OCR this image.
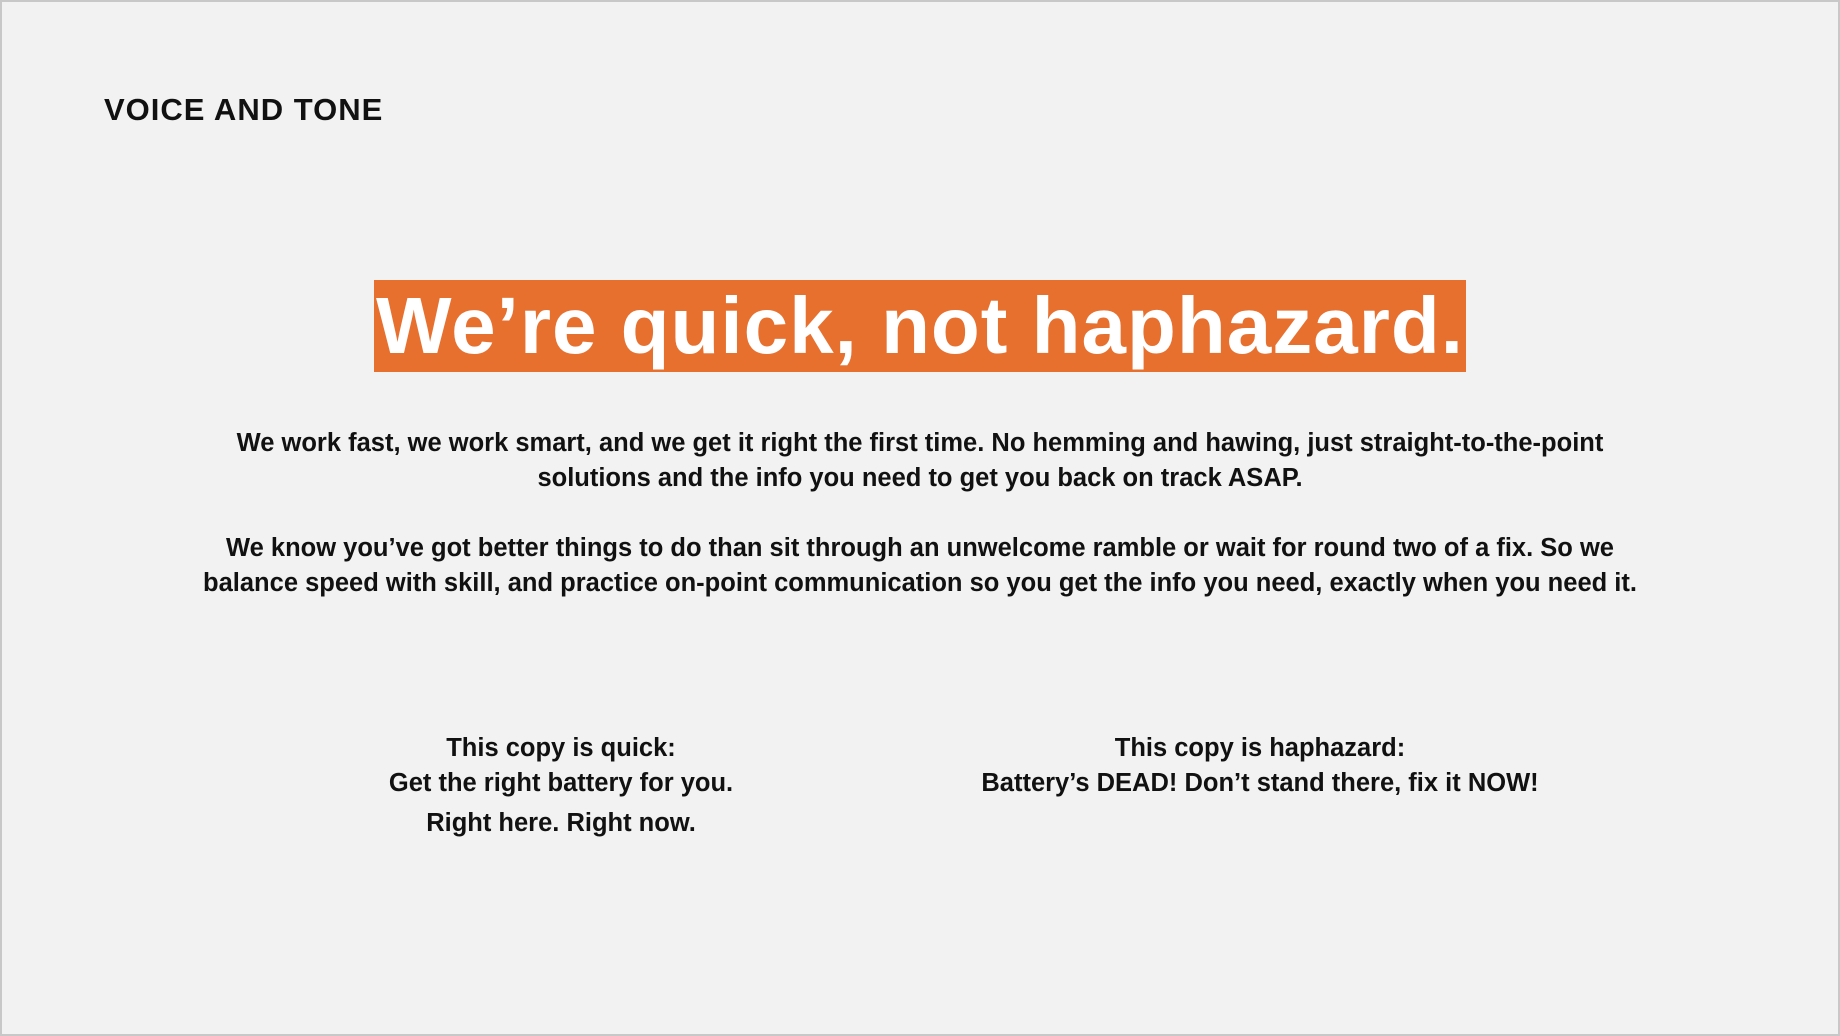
VOICE AND TONE
We’re quick, not haphazard.

We work fast, we work smart, and we get it right the first time. No hemming and hawing, just straight-to-the-point solutions and the info you need to get you back on track ASAP.

We know you’ve got better things to do than sit through an unwelcome ramble or wait for round two of a fix. So we balance speed with skill, and practice on-point communication so you get the info you need, exactly when you need it.

This copy is quick:

Get the right battery for you.

Right here. Right now.

This copy is haphazard:

Battery’s DEAD! Don’t stand there, fix it NOW!
